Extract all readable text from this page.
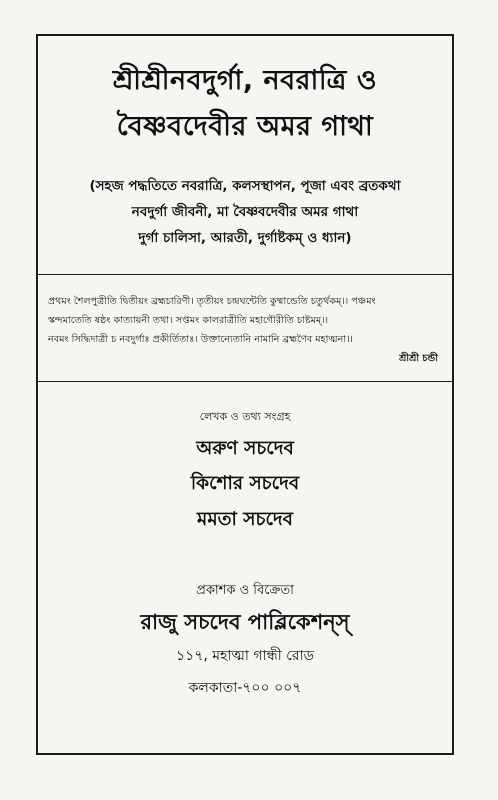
শ্রীশ্রীনবদুর্গা, নবরাত্রি ও
বৈষ্ণবদেবীর অমর গাথা
(সহজ পদ্ধতিতে নবরাত্রি, কলসস্থাপন, পূজা এবং ব্রতকথা
নবদুর্গা জীবনী, মা বৈষ্ণবদেবীর অমর গাথা
দুর্গা চালিসা, আরতী, দুর্গাষ্টকম্ ও ধ্যান)
প্রথমং শৈলপুত্রীতি দ্বিতীয়ং ব্রহ্মচারিণী। তৃতীয়ং চন্দ্রঘন্টেতি কুষ্মান্ডেতি চতুর্থকম্।। পঞ্চমং
স্কন্দমাতেতি ষষ্ঠং কাত্যায়নী তথা। সপ্তমং কালরাত্রীতি মহাগৌরীতি চাষ্টমম্।।
নবমং সিদ্ধিদাত্রী চ নবদুর্গাঃ প্রকীর্তিতাঃ। উক্তান্যেতানি নামানি ব্রহ্মণৈব মহাত্মনা।।
শ্রীশ্রী চন্ডী
লেখক ও তথ্য সংগ্রহ
অরুণ সচদেব
কিশোর সচদেব
মমতা সচদেব
প্রকাশক ও বিক্রেতা
রাজু সচদেব পাব্লিকেশন্স্
১১৭, মহাত্মা গান্ধী রোড
কলকাতা-৭০০ ০০৭
